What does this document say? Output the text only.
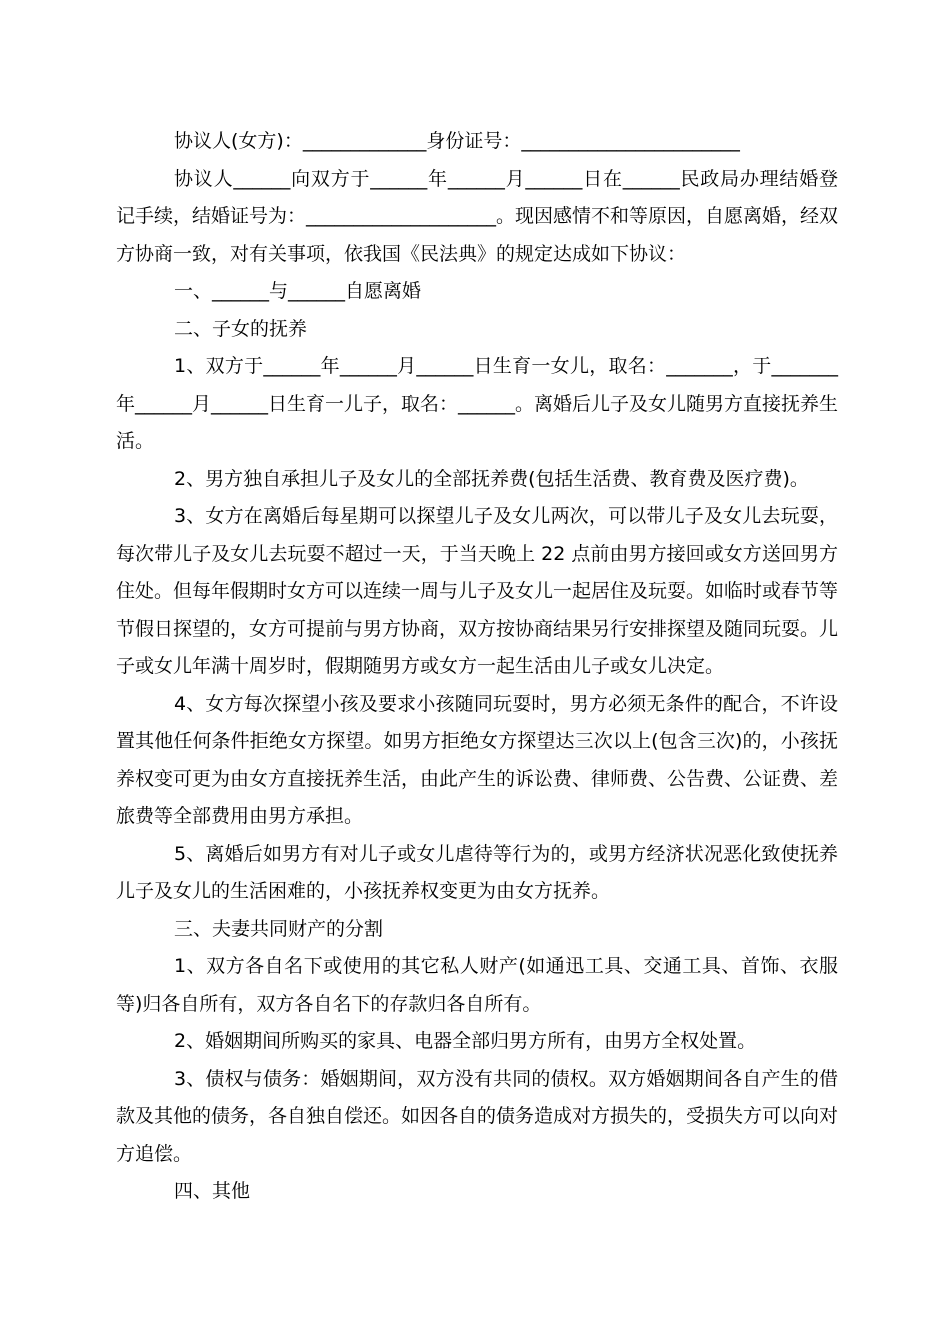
协议人(女方)：_____________身份证号：_______________________

协议人______向双方于______年______月______日在______民政局办理结婚登记手续，结婚证号为：____________________。现因感情不和等原因，自愿离婚，经双方协商一致，对有关事项，依我国《民法典》的规定达成如下协议：

一、______与______自愿离婚

二、子女的抚养

1、双方于______年______月______日生育一女儿，取名：_______，于_______年______月______日生育一儿子，取名：______。离婚后儿子及女儿随男方直接抚养生活。

2、男方独自承担儿子及女儿的全部抚养费(包括生活费、教育费及医疗费)。

3、女方在离婚后每星期可以探望儿子及女儿两次，可以带儿子及女儿去玩耍，每次带儿子及女儿去玩耍不超过一天，于当天晚上 22 点前由男方接回或女方送回男方住处。但每年假期时女方可以连续一周与儿子及女儿一起居住及玩耍。如临时或春节等节假日探望的，女方可提前与男方协商，双方按协商结果另行安排探望及随同玩耍。儿子或女儿年满十周岁时，假期随男方或女方一起生活由儿子或女儿决定。

4、女方每次探望小孩及要求小孩随同玩耍时，男方必须无条件的配合，不许设置其他任何条件拒绝女方探望。如男方拒绝女方探望达三次以上(包含三次)的，小孩抚养权变可更为由女方直接抚养生活，由此产生的诉讼费、律师费、公告费、公证费、差旅费等全部费用由男方承担。

5、离婚后如男方有对儿子或女儿虐待等行为的，或男方经济状况恶化致使抚养儿子及女儿的生活困难的，小孩抚养权变更为由女方抚养。

三、夫妻共同财产的分割

1、双方各自名下或使用的其它私人财产(如通迅工具、交通工具、首饰、衣服等)归各自所有，双方各自名下的存款归各自所有。

2、婚姻期间所购买的家具、电器全部归男方所有，由男方全权处置。

3、债权与债务：婚姻期间，双方没有共同的债权。双方婚姻期间各自产生的借款及其他的债务，各自独自偿还。如因各自的债务造成对方损失的，受损失方可以向对方追偿。

四、其他
